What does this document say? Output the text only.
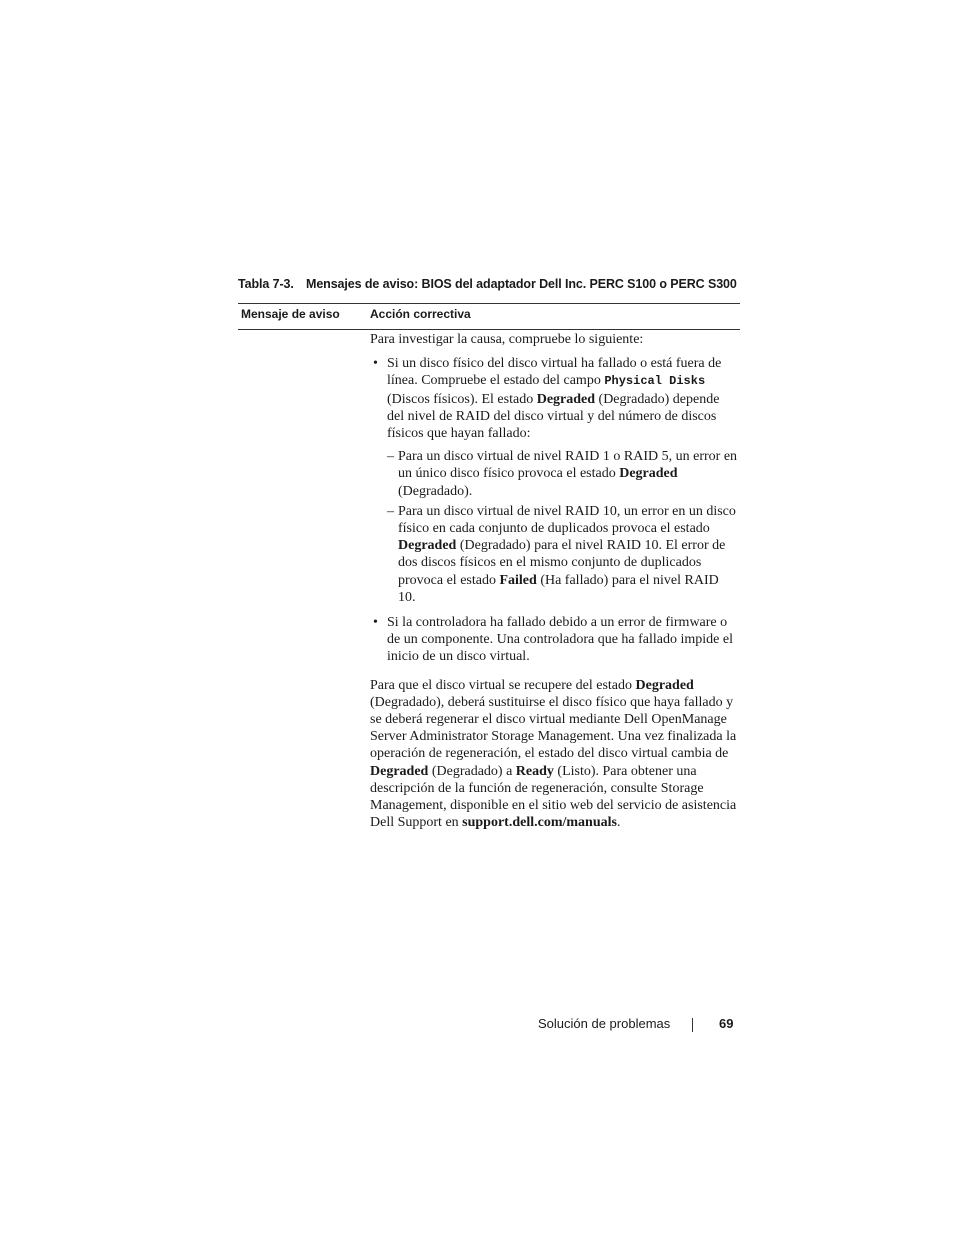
Tabla 7-3. Mensajes de aviso: BIOS del adaptador Dell Inc. PERC S100 o PERC S300
Mensaje de aviso	Acción correctiva

Para investigar la causa, compruebe lo siguiente:

• Si un disco físico del disco virtual ha fallado o está fuera de línea. Compruebe el estado del campo Physical Disks (Discos físicos). El estado Degraded (Degradado) depende del nivel de RAID del disco virtual y del número de discos físicos que hayan fallado:
– Para un disco virtual de nivel RAID 1 o RAID 5, un error en un único disco físico provoca el estado Degraded (Degradado).
– Para un disco virtual de nivel RAID 10, un error en un disco físico en cada conjunto de duplicados provoca el estado Degraded (Degradado) para el nivel RAID 10. El error de dos discos físicos en el mismo conjunto de duplicados provoca el estado Failed (Ha fallado) para el nivel RAID 10.
• Si la controladora ha fallado debido a un error de firmware o de un componente. Una controladora que ha fallado impide el inicio de un disco virtual.

Para que el disco virtual se recupere del estado Degraded (Degradado), deberá sustituirse el disco físico que haya fallado y se deberá regenerar el disco virtual mediante Dell OpenManage Server Administrator Storage Management. Una vez finalizada la operación de regeneración, el estado del disco virtual cambia de Degraded (Degradado) a Ready (Listo). Para obtener una descripción de la función de regeneración, consulte Storage Management, disponible en el sitio web del servicio de asistencia Dell Support en support.dell.com/manuals.

Solución de problemas	69
